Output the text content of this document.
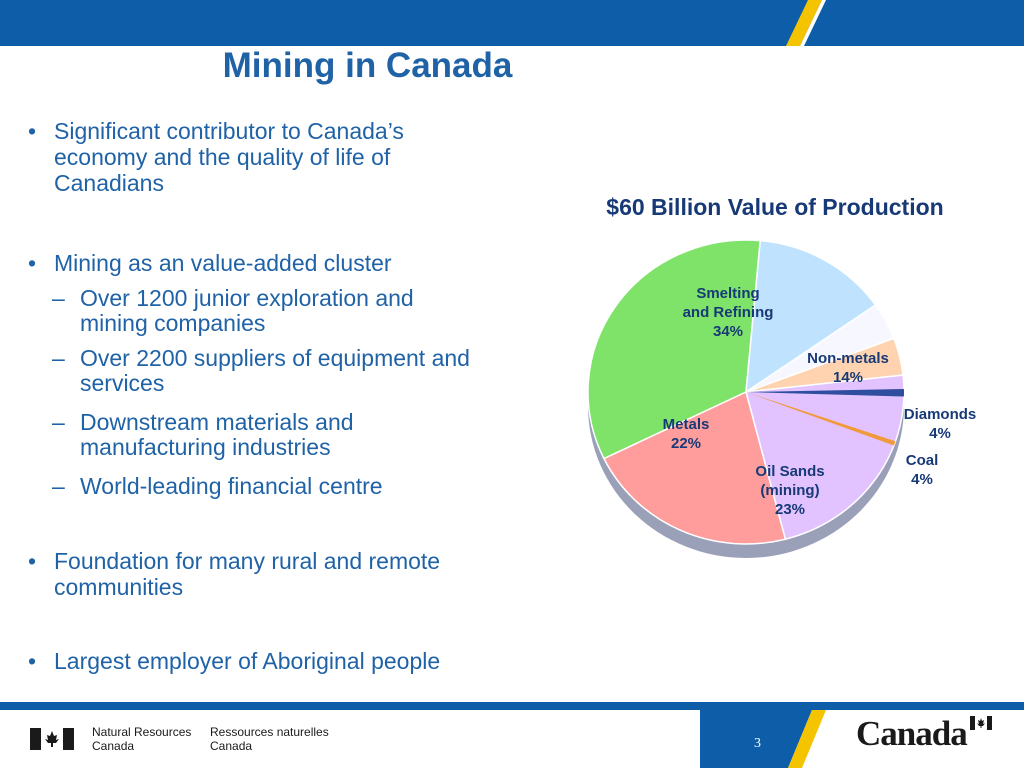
Mining in Canada
• Significant contributor to Canada’s
economy and the quality of life of
Canadians
• Mining as an value-added cluster
– Over 1200 junior exploration and
mining companies
– Over 2200 suppliers of equipment and
services
– Downstream materials and
manufacturing industries
– World-leading financial centre
• Foundation for many rural and remote
communities
• Largest employer of Aboriginal people
$60 Billion Value of Production
Smelting and Refining 34%
Non-metals 14%
Diamonds 4%
Coal 4%
Oil Sands (mining) 23%
Metals 22%
Natural Resources
Canada
Ressources naturelles
Canada	3	Canada
